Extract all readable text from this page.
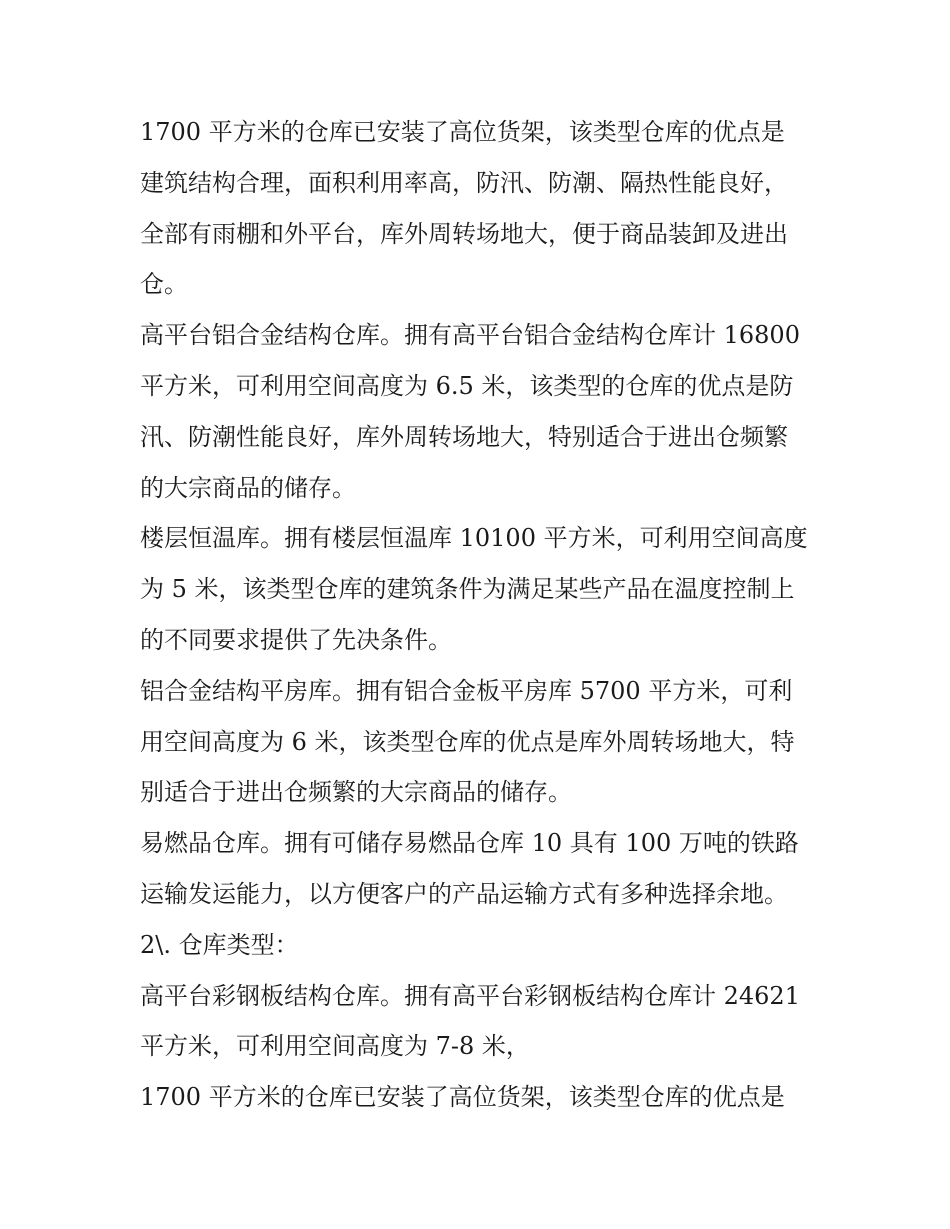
1700 平方米的仓库已安装了高位货架，该类型仓库的优点是
建筑结构合理，面积利用率高，防汛、防潮、隔热性能良好，
全部有雨棚和外平台，库外周转场地大，便于商品装卸及进出
仓。
高平台铝合金结构仓库。拥有高平台铝合金结构仓库计 16800
平方米，可利用空间高度为 6.5 米，该类型的仓库的优点是防
汛、防潮性能良好，库外周转场地大，特别适合于进出仓频繁
的大宗商品的储存。
楼层恒温库。拥有楼层恒温库 10100 平方米，可利用空间高度
为 5 米，该类型仓库的建筑条件为满足某些产品在温度控制上
的不同要求提供了先决条件。
铝合金结构平房库。拥有铝合金板平房库 5700 平方米，可利
用空间高度为 6 米，该类型仓库的优点是库外周转场地大，特
别适合于进出仓频繁的大宗商品的储存。
易燃品仓库。拥有可储存易燃品仓库 10 具有 100 万吨的铁路
运输发运能力，以方便客户的产品运输方式有多种选择余地。
2\. 仓库类型：
高平台彩钢板结构仓库。拥有高平台彩钢板结构仓库计 24621
平方米，可利用空间高度为 7-8 米，
1700 平方米的仓库已安装了高位货架，该类型仓库的优点是
